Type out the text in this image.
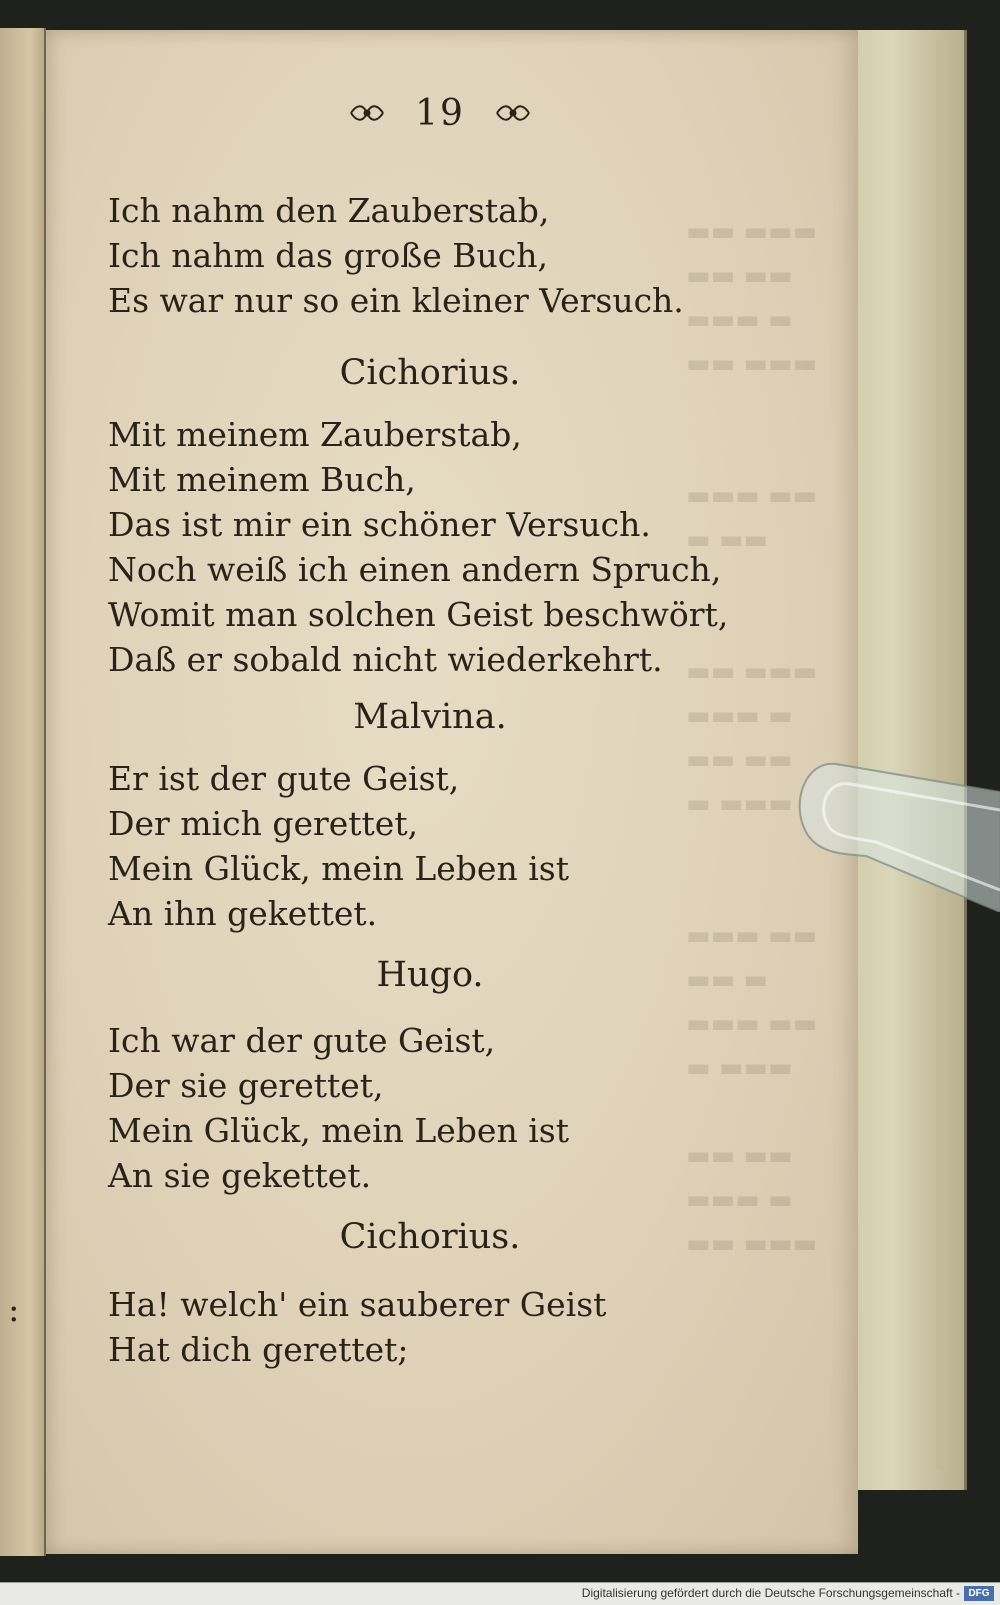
:
▬▬ ▬▬▬
▬▬ ▬▬
▬▬▬ ▬
▬▬ ▬▬▬

▬▬▬ ▬▬
▬ ▬▬

▬▬ ▬▬▬
▬▬▬ ▬
▬▬ ▬▬
▬ ▬▬▬

▬▬▬ ▬▬
▬▬ ▬
▬▬▬ ▬▬
▬ ▬▬▬

▬▬ ▬▬
▬▬▬ ▬
▬▬ ▬▬▬
19
Ich nahm den Zauberstab,
Ich nahm das große Buch,
Es war nur so ein kleiner Versuch.
Cichorius.
Mit meinem Zauberstab,
Mit meinem Buch,
Das ist mir ein schöner Versuch.
Noch weiß ich einen andern Spruch,
Womit man solchen Geist beschwört,
Daß er sobald nicht wiederkehrt.
Malvina.
Er ist der gute Geist,
Der mich gerettet,
Mein Glück, mein Leben ist
An ihn gekettet.
Hugo.
Ich war der gute Geist,
Der sie gerettet,
Mein Glück, mein Leben ist
An sie gekettet.
Cichorius.
Ha! welch' ein sauberer Geist
Hat dich gerettet;
Digitalisierung gefördert durch die Deutsche Forschungsgemeinschaft - DFG
